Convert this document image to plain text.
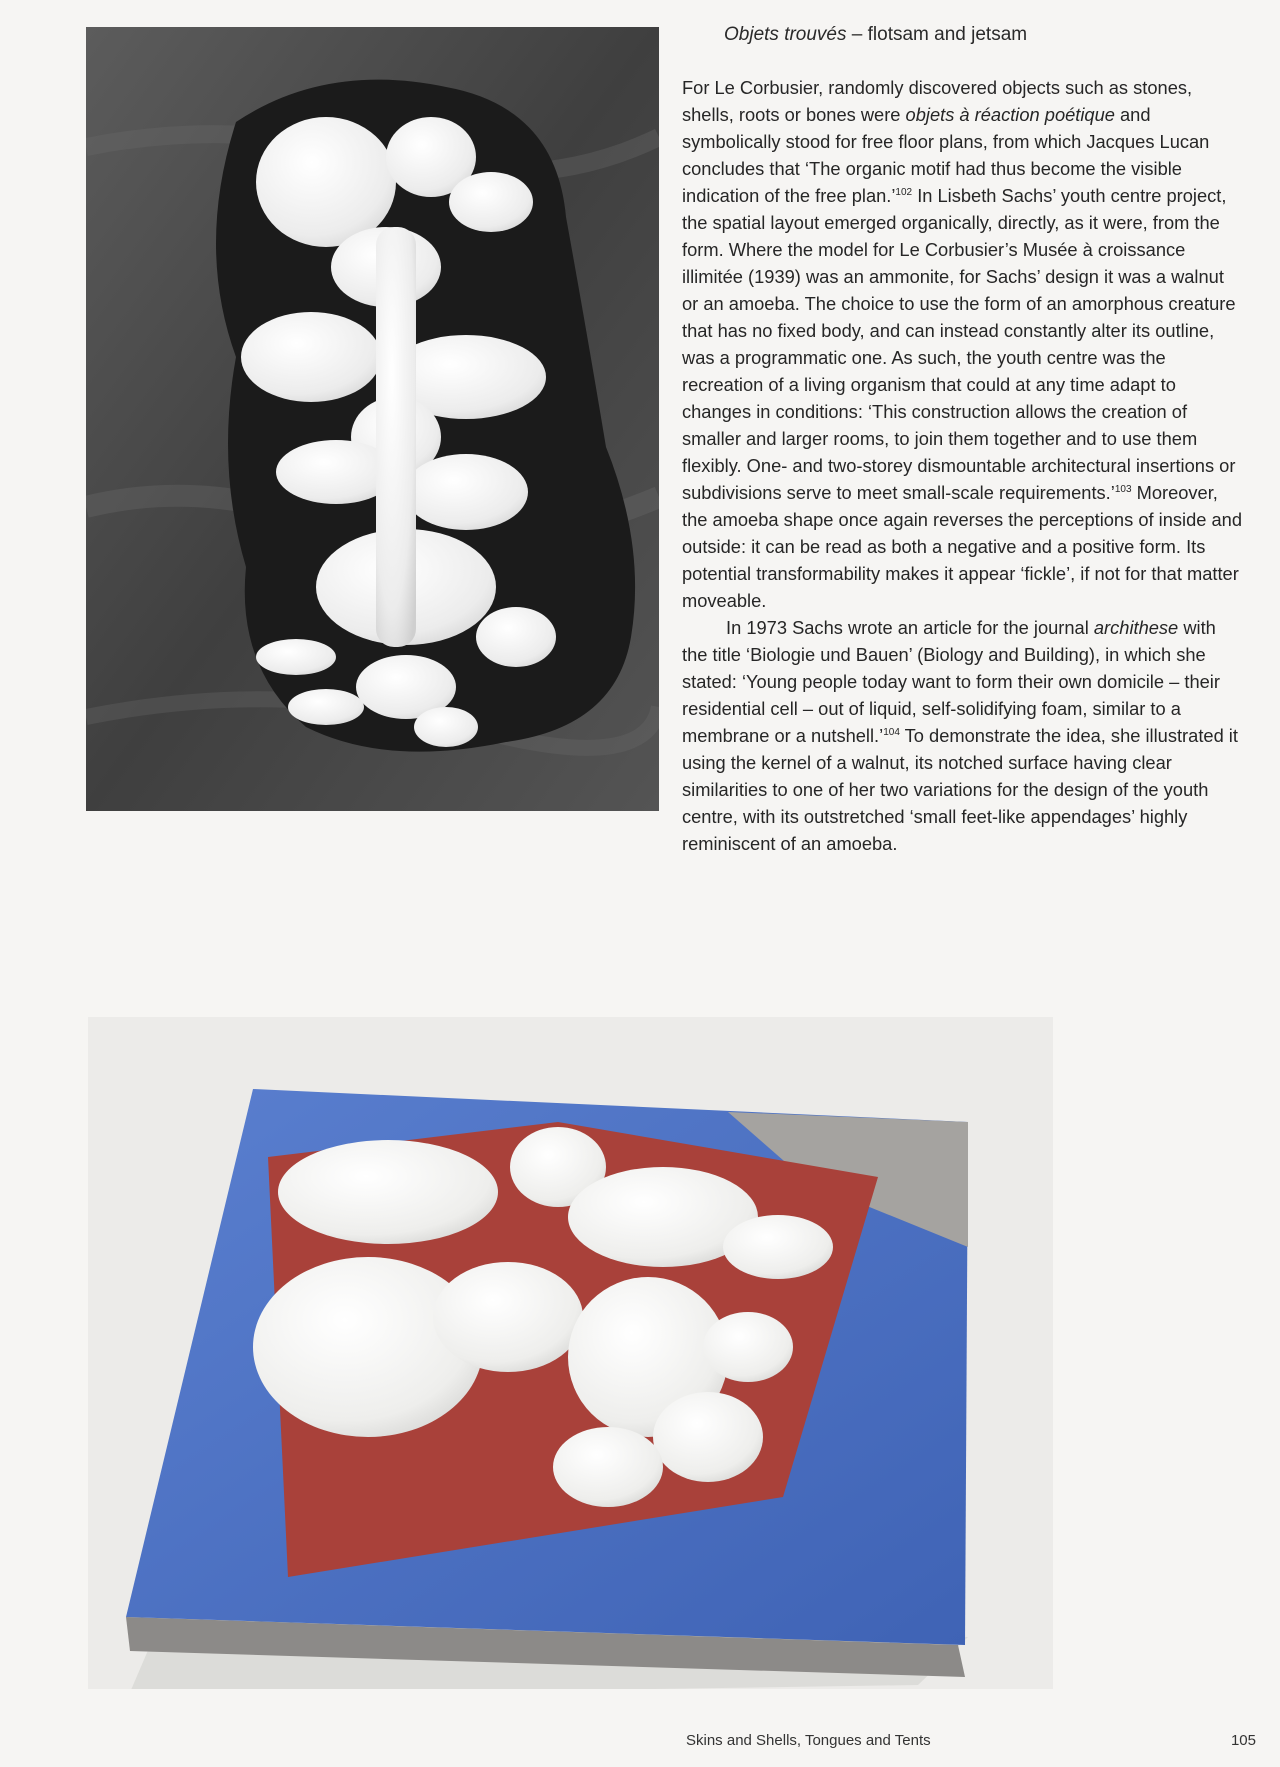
Objets trouvés – flotsam and jetsam

For Le Corbusier, randomly discovered objects such as stones, shells, roots or bones were objets à réaction poétique and symbolically stood for free floor plans, from which Jacques Lucan concludes that ‘The organic motif had thus become the visible indication of the free plan.’$^{102}$ In Lisbeth Sachs’ youth centre project, the spatial layout emerged organically, directly, as it were, from the form. Where the model for Le Corbusier’s Musée à croissance illimitée (1939) was an ammonite, for Sachs’ design it was a walnut or an amoeba. The choice to use the form of an amorphous creature that has no fixed body, and can instead constantly alter its outline, was a programmatic one. As such, the youth centre was the recreation of a living organism that could at any time adapt to changes in conditions: ‘This construction allows the creation of smaller and larger rooms, to join them together and to use them flexibly. One- and two-storey dismountable architectural insertions or subdivisions serve to meet small-scale requirements.’$^{103}$ Moreover, the amoeba shape once again reverses the perceptions of inside and outside: it can be read as both a negative and a positive form. Its potential transformability makes it appear ‘fickle’, if not for that matter moveable.

In 1973 Sachs wrote an article for the journal archithese with the title ‘Biologie und Bauen’ (Biology and Building), in which she stated: ‘Young people today want to form their own domicile – their residential cell – out of liquid, self-solidifying foam, similar to a membrane or a nutshell.’$^{104}$ To demonstrate the idea, she illustrated it using the kernel of a walnut, its notched surface having clear similarities to one of her two variations for the design of the youth centre, with its outstretched ‘small feet-like appendages’ highly reminiscent of an amoeba.

Skins and Shells, Tongues and Tents	105
